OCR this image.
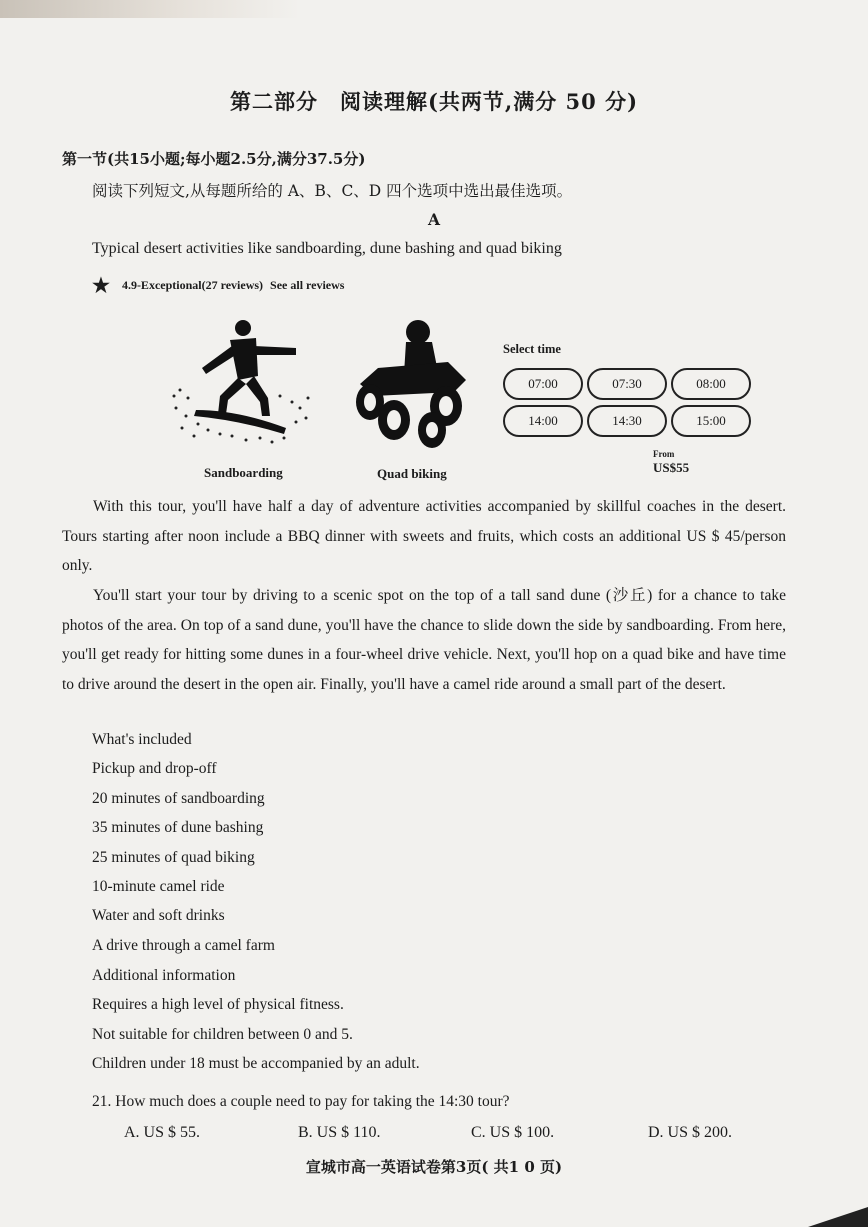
第二部分　阅读理解(共两节,满分 50 分)
第一节(共15小题;每小题2.5分,满分37.5分)
阅读下列短文,从每题所给的 A、B、C、D 四个选项中选出最佳选项。
A
Typical desert activities like sandboarding, dune bashing and quad biking
★ 4.9-Exceptional(27 reviews) See all reviews
Sandboarding	Quad biking
Select time
07:00	07:30	08:00
14:00	14:30	15:00
From
US$55
With this tour, you'll have half a day of adventure activities accompanied by skillful coaches in the desert. Tours starting after noon include a BBQ dinner with sweets and fruits, which costs an additional US $ 45/person only.
You'll start your tour by driving to a scenic spot on the top of a tall sand dune (沙丘) for a chance to take photos of the area. On top of a sand dune, you'll have the chance to slide down the side by sandboarding. From here, you'll get ready for hitting some dunes in a four-wheel drive vehicle. Next, you'll hop on a quad bike and have time to drive around the desert in the open air. Finally, you'll have a camel ride around a small part of the desert.
What's included
Pickup and drop-off
20 minutes of sandboarding
35 minutes of dune bashing
25 minutes of quad biking
10-minute camel ride
Water and soft drinks
A drive through a camel farm
Additional information
Requires a high level of physical fitness.
Not suitable for children between 0 and 5.
Children under 18 must be accompanied by an adult.
21. How much does a couple need to pay for taking the 14:30 tour?
A. US $ 55.	B. US $ 110.	C. US $ 100.	D. US $ 200.
宣城市高一英语试卷第3页( 共1 0 页)
